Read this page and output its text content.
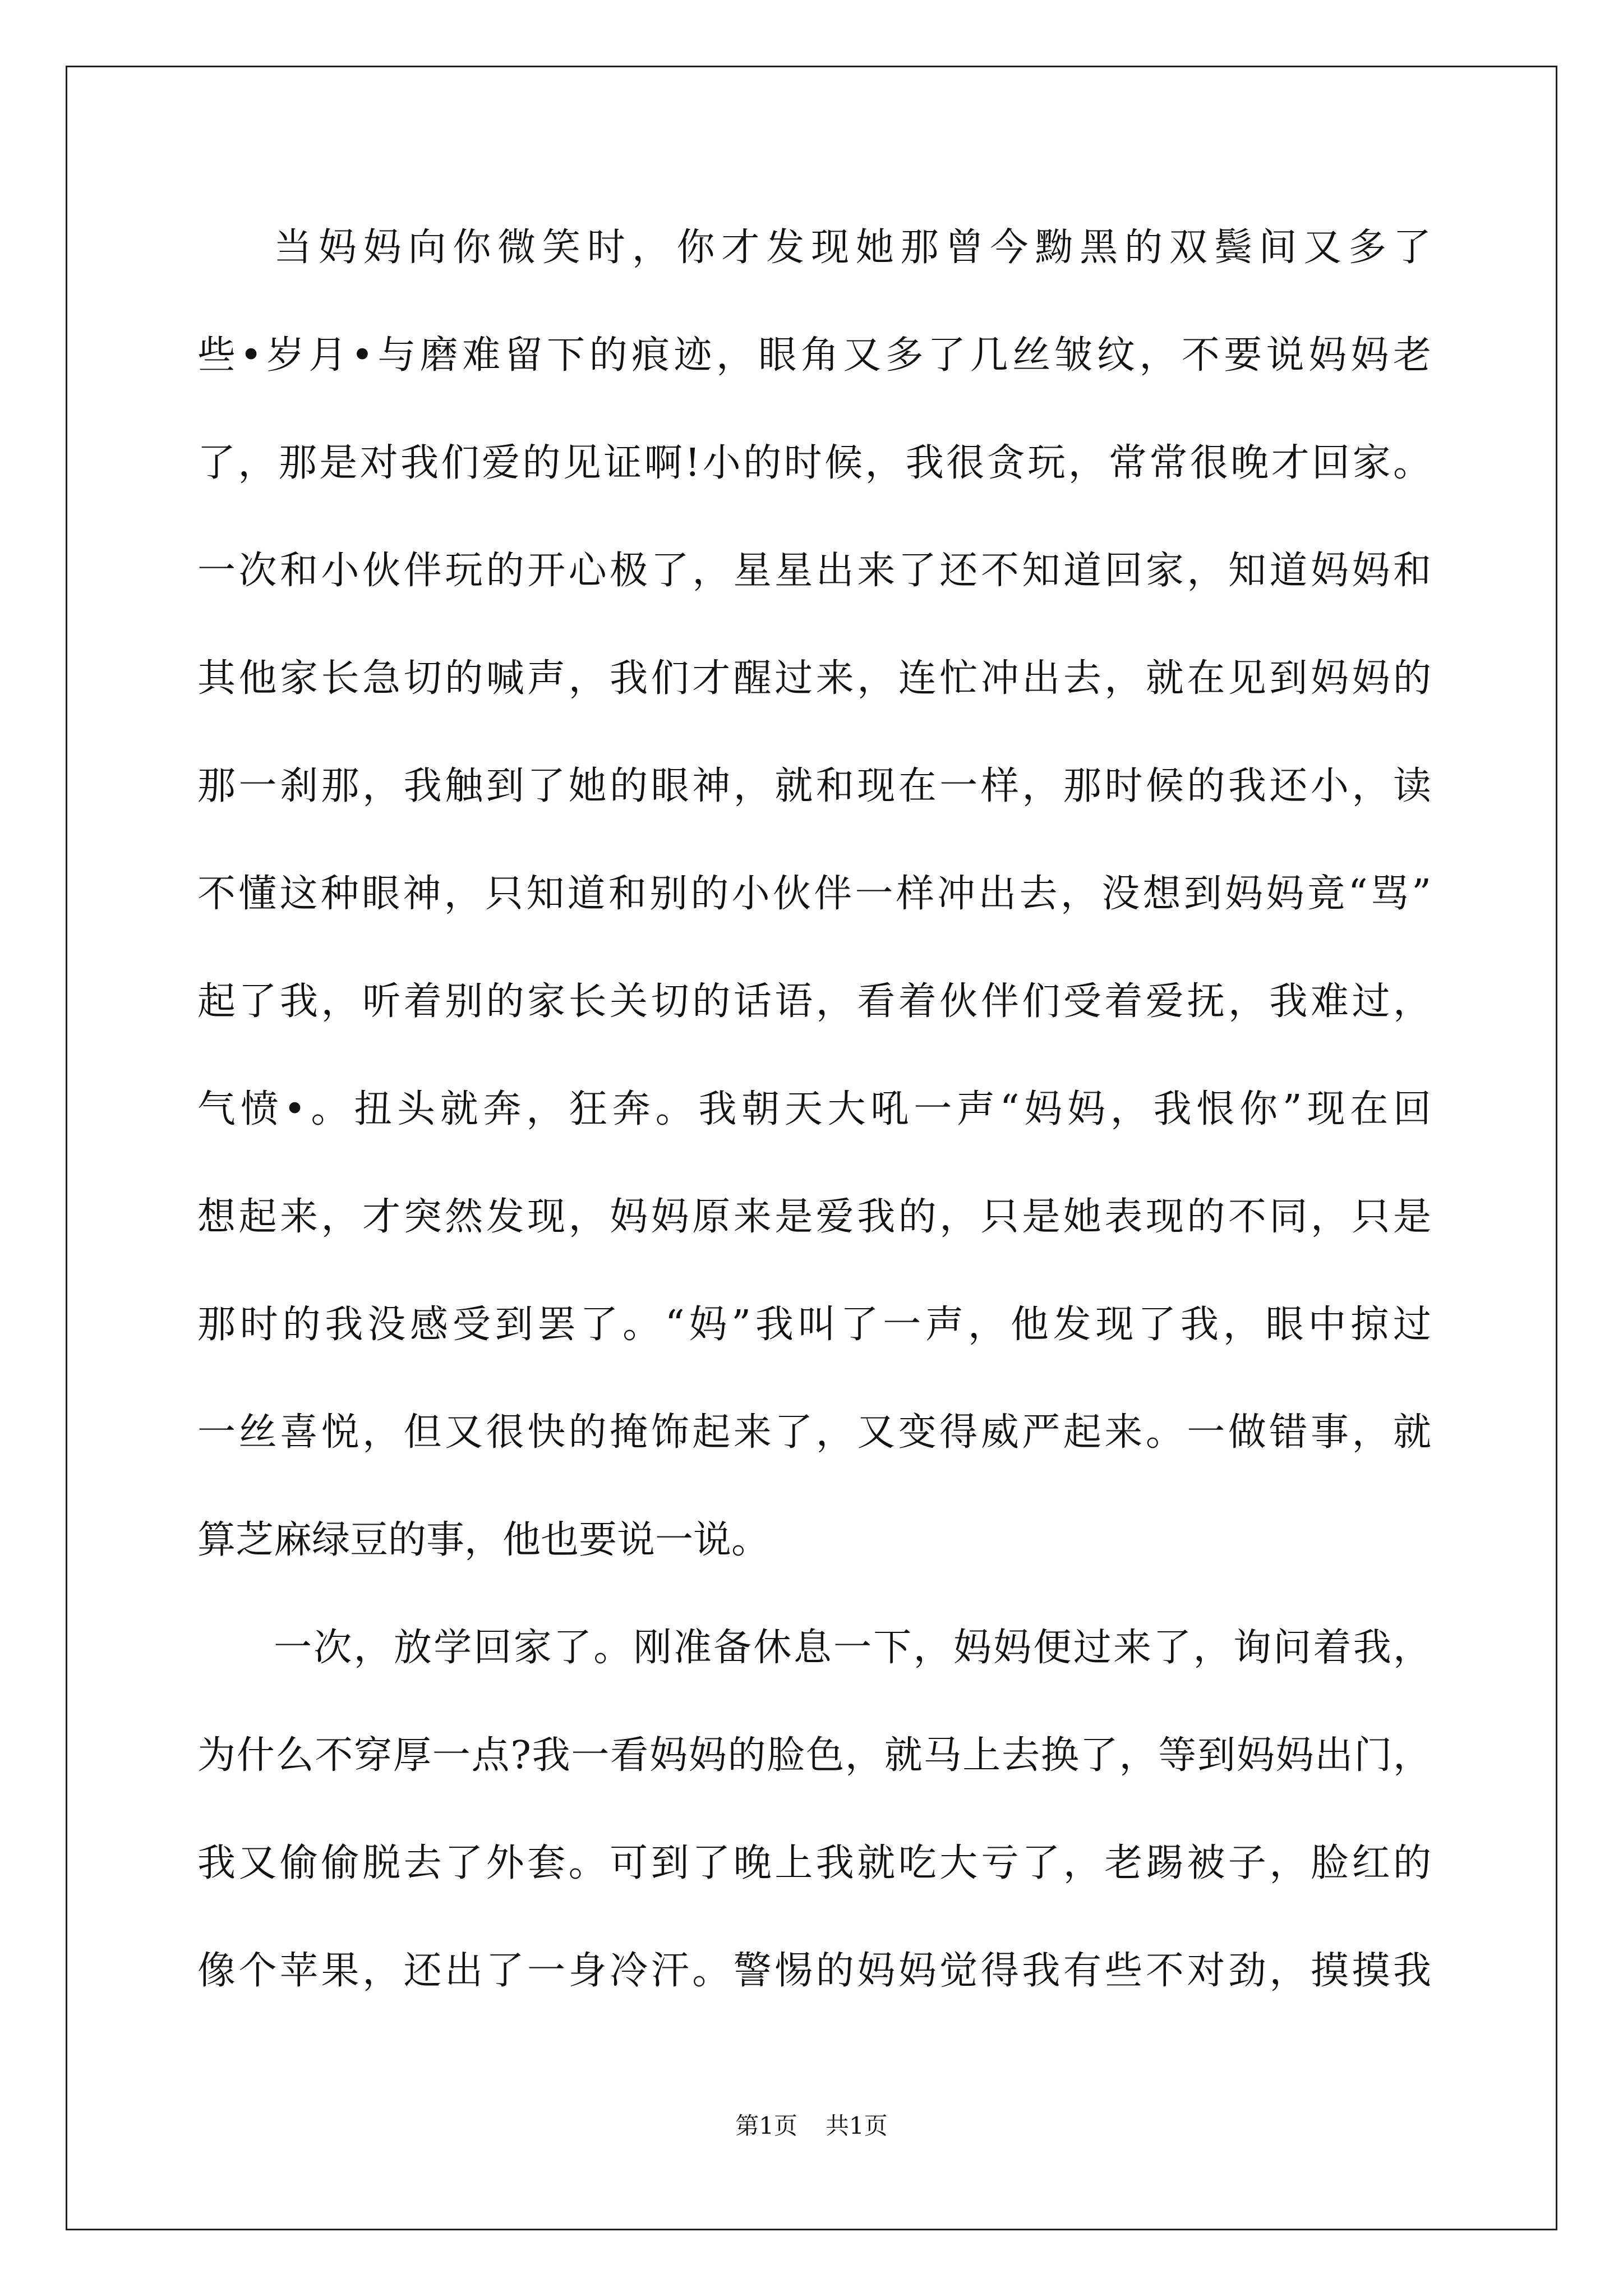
当妈妈向你微笑时，你才发现她那曾今黝黑的双鬓间又多了
些•岁月•与磨难留下的痕迹，眼角又多了几丝皱纹，不要说妈妈老
了，那是对我们爱的见证啊!小的时候，我很贪玩，常常很晚才回家。
一次和小伙伴玩的开心极了，星星出来了还不知道回家，知道妈妈和
其他家长急切的喊声，我们才醒过来，连忙冲出去，就在见到妈妈的
那一刹那，我触到了她的眼神，就和现在一样，那时候的我还小，读
不懂这种眼神，只知道和别的小伙伴一样冲出去，没想到妈妈竟“骂”
起了我，听着别的家长关切的话语，看着伙伴们受着爱抚，我难过，
气愤•。扭头就奔，狂奔。我朝天大吼一声“妈妈，我恨你”现在回
想起来，才突然发现，妈妈原来是爱我的，只是她表现的不同，只是
那时的我没感受到罢了。“妈”我叫了一声，他发现了我，眼中掠过
一丝喜悦，但又很快的掩饰起来了，又变得威严起来。一做错事，就
算芝麻绿豆的事，他也要说一说。
一次，放学回家了。刚准备休息一下，妈妈便过来了，询问着我，
为什么不穿厚一点?我一看妈妈的脸色，就马上去换了，等到妈妈出门，
我又偷偷脱去了外套。可到了晚上我就吃大亏了，老踢被子，脸红的
像个苹果，还出了一身冷汗。警惕的妈妈觉得我有些不对劲，摸摸我
第1页 共1页
